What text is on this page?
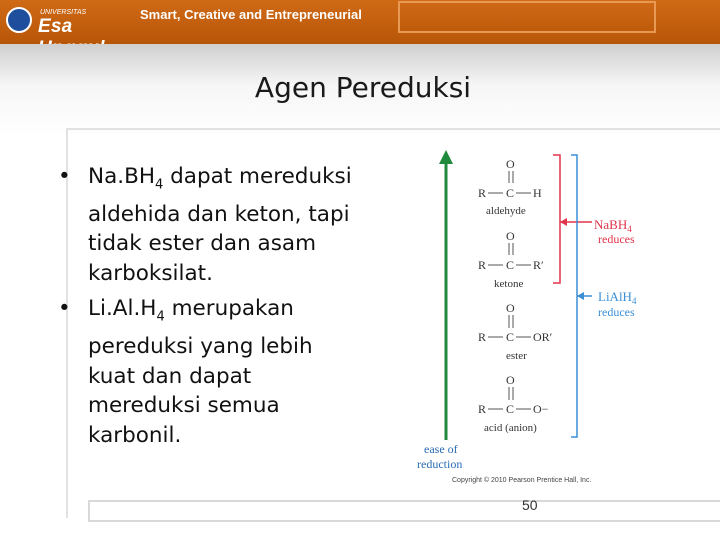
UNIVERSITAS
Esa
Smart, Creative and Entrepreneurial
Agen Pereduksi
• $Na.BH_4$ dapat mereduksi aldehida dan keton, tapi tidak ester dan asam karboksilat.
• $Li.Al.H_4$ merupakan pereduksi yang lebih kuat dan dapat mereduksi semua karbonil.
ease of
reduction
O
R C H
aldehyde
O
R C R′
ketone
O
R C OR′
ester
O
R C O−
acid (anion)
NaBH$_4$
reduces
LiAlH$_4$
reduces
Copyright © 2010 Pearson Prentice Hall, Inc.
50
